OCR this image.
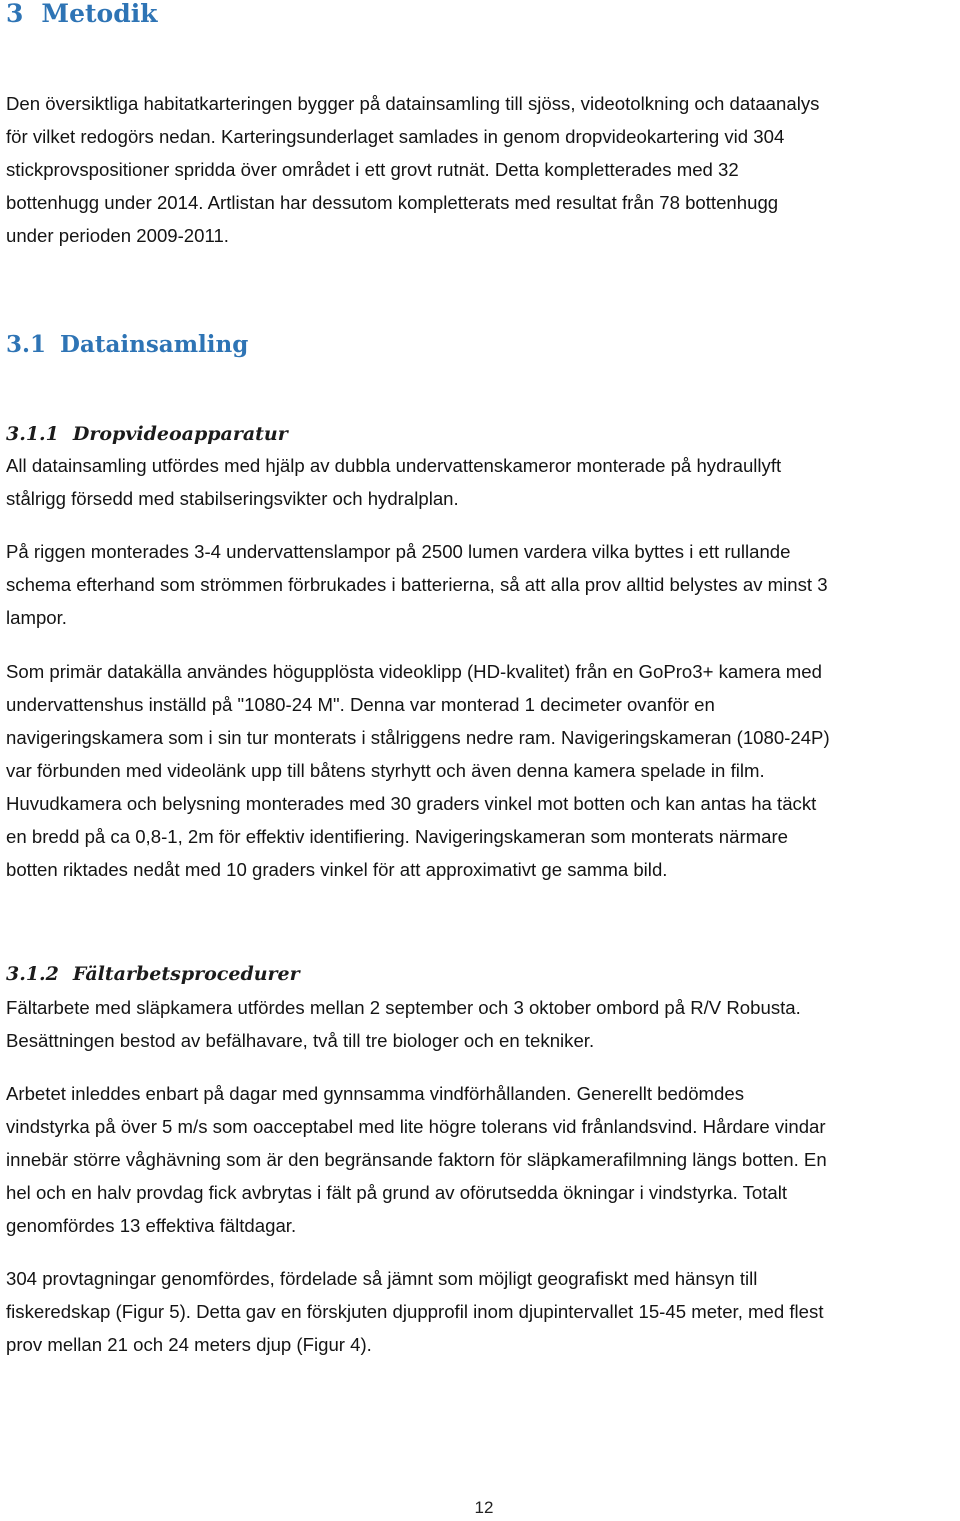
3 Metodik

Den översiktliga habitatkarteringen bygger på datainsamling till sjöss, videotolkning och dataanalys
för vilket redogörs nedan. Karteringsunderlaget samlades in genom dropvideokartering vid 304
stickprovspositioner spridda över området i ett grovt rutnät. Detta kompletterades med 32
bottenhugg under 2014. Artlistan har dessutom kompletterats med resultat från 78 bottenhugg
under perioden 2009-2011.

3.1 Datainsamling
3.1.1 Dropvideoapparatur

All datainsamling utfördes med hjälp av dubbla undervattenskameror monterade på hydraullyft
stålrigg försedd med stabilseringsvikter och hydralplan.

På riggen monterades 3-4 undervattenslampor på 2500 lumen vardera vilka byttes i ett rullande
schema efterhand som strömmen förbrukades i batterierna, så att alla prov alltid belystes av minst 3
lampor.

Som primär datakälla användes högupplösta videoklipp (HD-kvalitet) från en GoPro3+ kamera med
undervattenshus inställd på "1080-24 M". Denna var monterad 1 decimeter ovanför en
navigeringskamera som i sin tur monterats i stålriggens nedre ram. Navigeringskameran (1080-24P)
var förbunden med videolänk upp till båtens styrhytt och även denna kamera spelade in film.
Huvudkamera och belysning monterades med 30 graders vinkel mot botten och kan antas ha täckt
en bredd på ca 0,8-1, 2m för effektiv identifiering. Navigeringskameran som monterats närmare
botten riktades nedåt med 10 graders vinkel för att approximativt ge samma bild.

3.1.2 Fältarbetsprocedurer

Fältarbete med släpkamera utfördes mellan 2 september och 3 oktober ombord på R/V Robusta.
Besättningen bestod av befälhavare, två till tre biologer och en tekniker.

Arbetet inleddes enbart på dagar med gynnsamma vindförhållanden. Generellt bedömdes
vindstyrka på över 5 m/s som oacceptabel med lite högre tolerans vid frånlandsvind. Hårdare vindar
innebär större våghävning som är den begränsande faktorn för släpkamerafilmning längs botten. En
hel och en halv provdag fick avbrytas i fält på grund av oförutsedda ökningar i vindstyrka. Totalt
genomfördes 13 effektiva fältdagar.

304 provtagningar genomfördes, fördelade så jämnt som möjligt geografiskt med hänsyn till
fiskeredskap (Figur 5). Detta gav en förskjuten djupprofil inom djupintervallet 15-45 meter, med flest
prov mellan 21 och 24 meters djup (Figur 4).

12
